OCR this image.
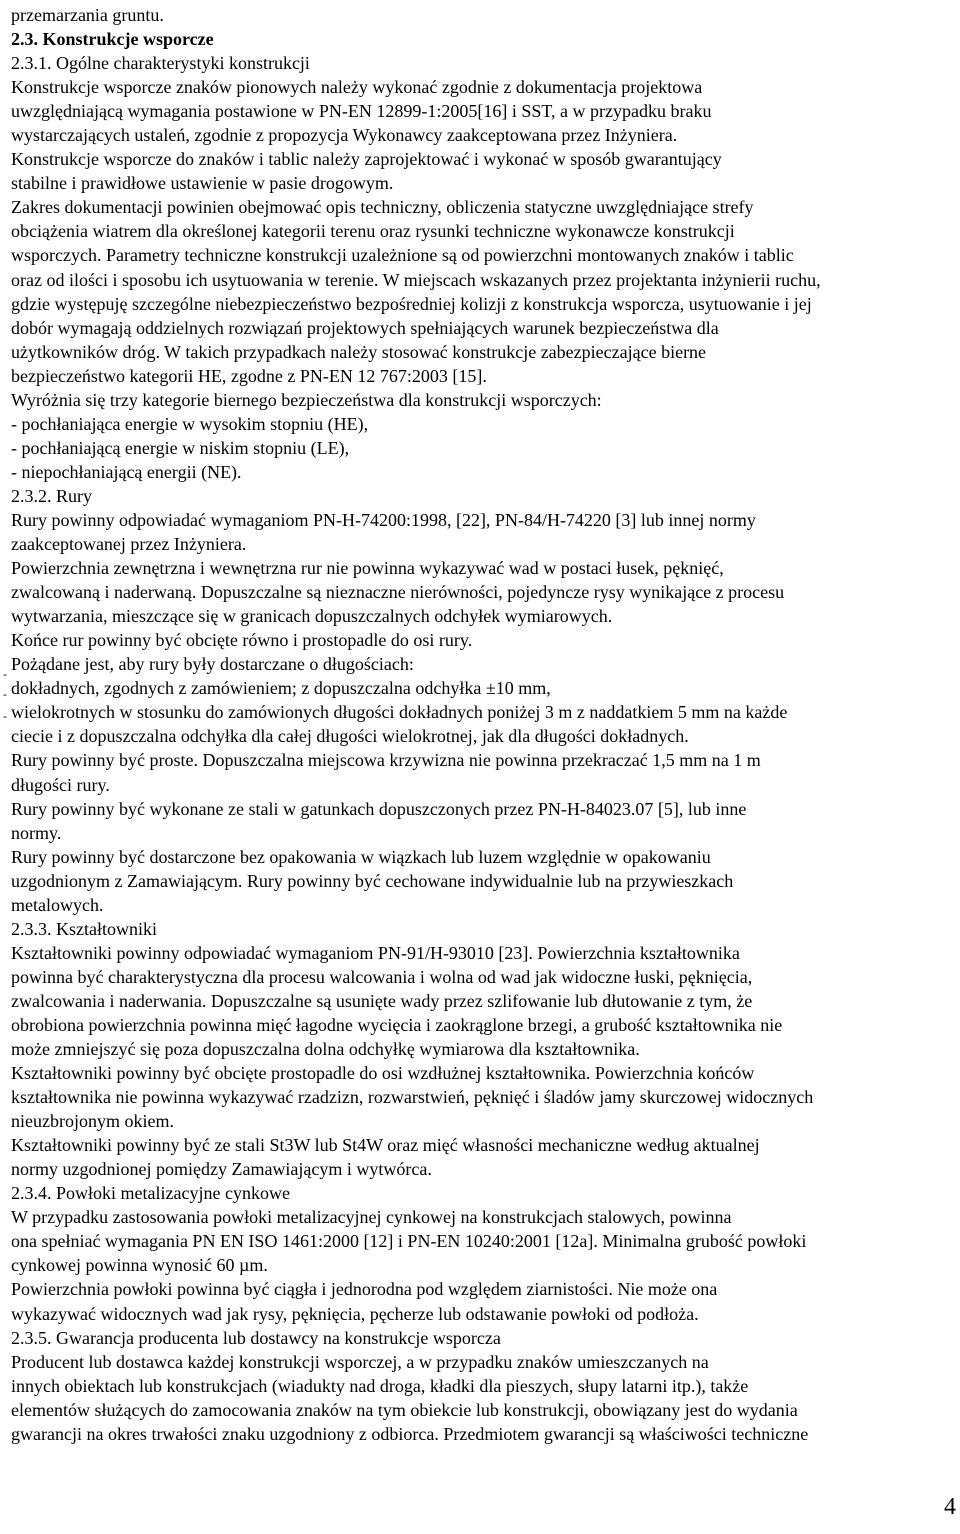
przemarzania gruntu.
2.3. Konstrukcje wsporcze
2.3.1. Ogólne charakterystyki konstrukcji
Konstrukcje wsporcze znaków pionowych należy wykonać zgodnie z dokumentacja projektowa
uwzględniającą wymagania postawione w PN-EN 12899-1:2005[16] i SST, a w przypadku braku
wystarczających ustaleń, zgodnie z propozycja Wykonawcy zaakceptowana przez Inżyniera.
Konstrukcje wsporcze do znaków i tablic należy zaprojektować i wykonać w sposób gwarantujący
stabilne i prawidłowe ustawienie w pasie drogowym.
Zakres dokumentacji powinien obejmować opis techniczny, obliczenia statyczne uwzględniające strefy
obciążenia wiatrem dla określonej kategorii terenu oraz rysunki techniczne wykonawcze konstrukcji
wsporczych. Parametry techniczne konstrukcji uzależnione są od powierzchni montowanych znaków i tablic
oraz od ilości i sposobu ich usytuowania w terenie. W miejscach wskazanych przez projektanta inżynierii ruchu,
gdzie występuję szczególne niebezpieczeństwo bezpośredniej kolizji z konstrukcja wsporcza, usytuowanie i jej
dobór wymagają oddzielnych rozwiązań projektowych spełniających warunek bezpieczeństwa dla
użytkowników dróg. W takich przypadkach należy stosować konstrukcje zabezpieczające bierne
bezpieczeństwo kategorii HE, zgodne z PN-EN 12 767:2003 [15].
Wyróżnia się trzy kategorie biernego bezpieczeństwa dla konstrukcji wsporczych:
- pochłaniająca energie w wysokim stopniu (HE),
- pochłaniającą energie w niskim stopniu (LE),
- niepochłaniającą energii (NE).
2.3.2. Rury
Rury powinny odpowiadać wymaganiom PN-H-74200:1998, [22], PN-84/H-74220 [3] lub innej normy
zaakceptowanej przez Inżyniera.
Powierzchnia zewnętrzna i wewnętrzna rur nie powinna wykazywać wad w postaci łusek, pęknięć,
zwalcowaną i naderwaną. Dopuszczalne są nieznaczne nierówności, pojedyncze rysy wynikające z procesu
wytwarzania, mieszczące się w granicach dopuszczalnych odchyłek wymiarowych.
Końce rur powinny być obcięte równo i prostopadle do osi rury.
Pożądane jest, aby rury były dostarczane o długościach:
dokładnych, zgodnych z zamówieniem; z dopuszczalna odchyłka ±10 mm,
wielokrotnych w stosunku do zamówionych długości dokładnych poniżej 3 m z naddatkiem 5 mm na każde
ciecie i z dopuszczalna odchyłka dla całej długości wielokrotnej, jak dla długości dokładnych.
Rury powinny być proste. Dopuszczalna miejscowa krzywizna nie powinna przekraczać 1,5 mm na 1 m
długości rury.
Rury powinny być wykonane ze stali w gatunkach dopuszczonych przez PN-H-84023.07 [5], lub inne
normy.
Rury powinny być dostarczone bez opakowania w wiązkach lub luzem względnie w opakowaniu
uzgodnionym z Zamawiającym. Rury powinny być cechowane indywidualnie lub na przywieszkach
metalowych.
2.3.3. Kształtowniki
Kształtowniki powinny odpowiadać wymaganiom PN-91/H-93010 [23]. Powierzchnia kształtownika
powinna być charakterystyczna dla procesu walcowania i wolna od wad jak widoczne łuski, pęknięcia,
zwalcowania i naderwania. Dopuszczalne są usunięte wady przez szlifowanie lub dłutowanie z tym, że
obrobiona powierzchnia powinna mięć łagodne wycięcia i zaokrąglone brzegi, a grubość kształtownika nie
może zmniejszyć się poza dopuszczalna dolna odchyłkę wymiarowa dla kształtownika.
Kształtowniki powinny być obcięte prostopadle do osi wzdłużnej kształtownika. Powierzchnia końców
kształtownika nie powinna wykazywać rzadzizn, rozwarstwień, pęknięć i śladów jamy skurczowej widocznych
nieuzbrojonym okiem.
Kształtowniki powinny być ze stali St3W lub St4W oraz mięć własności mechaniczne według aktualnej
normy uzgodnionej pomiędzy Zamawiającym i wytwórca.
2.3.4. Powłoki metalizacyjne cynkowe
W przypadku zastosowania powłoki metalizacyjnej cynkowej na konstrukcjach stalowych, powinna
ona spełniać wymagania PN EN ISO 1461:2000 [12] i PN-EN 10240:2001 [12a]. Minimalna grubość powłoki
cynkowej powinna wynosić 60 µm.
Powierzchnia powłoki powinna być ciągła i jednorodna pod względem ziarnistości. Nie może ona
wykazywać widocznych wad jak rysy, pęknięcia, pęcherze lub odstawanie powłoki od podłoża.
2.3.5. Gwarancja producenta lub dostawcy na konstrukcje wsporcza
Producent lub dostawca każdej konstrukcji wsporczej, a w przypadku znaków umieszczanych na
innych obiektach lub konstrukcjach (wiadukty nad droga, kładki dla pieszych, słupy latarni itp.), także
elementów służących do zamocowania znaków na tym obiekcie lub konstrukcji, obowiązany jest do wydania
gwarancji na okres trwałości znaku uzgodniony z odbiorca. Przedmiotem gwarancji są właściwości techniczne
-
-
-
4
